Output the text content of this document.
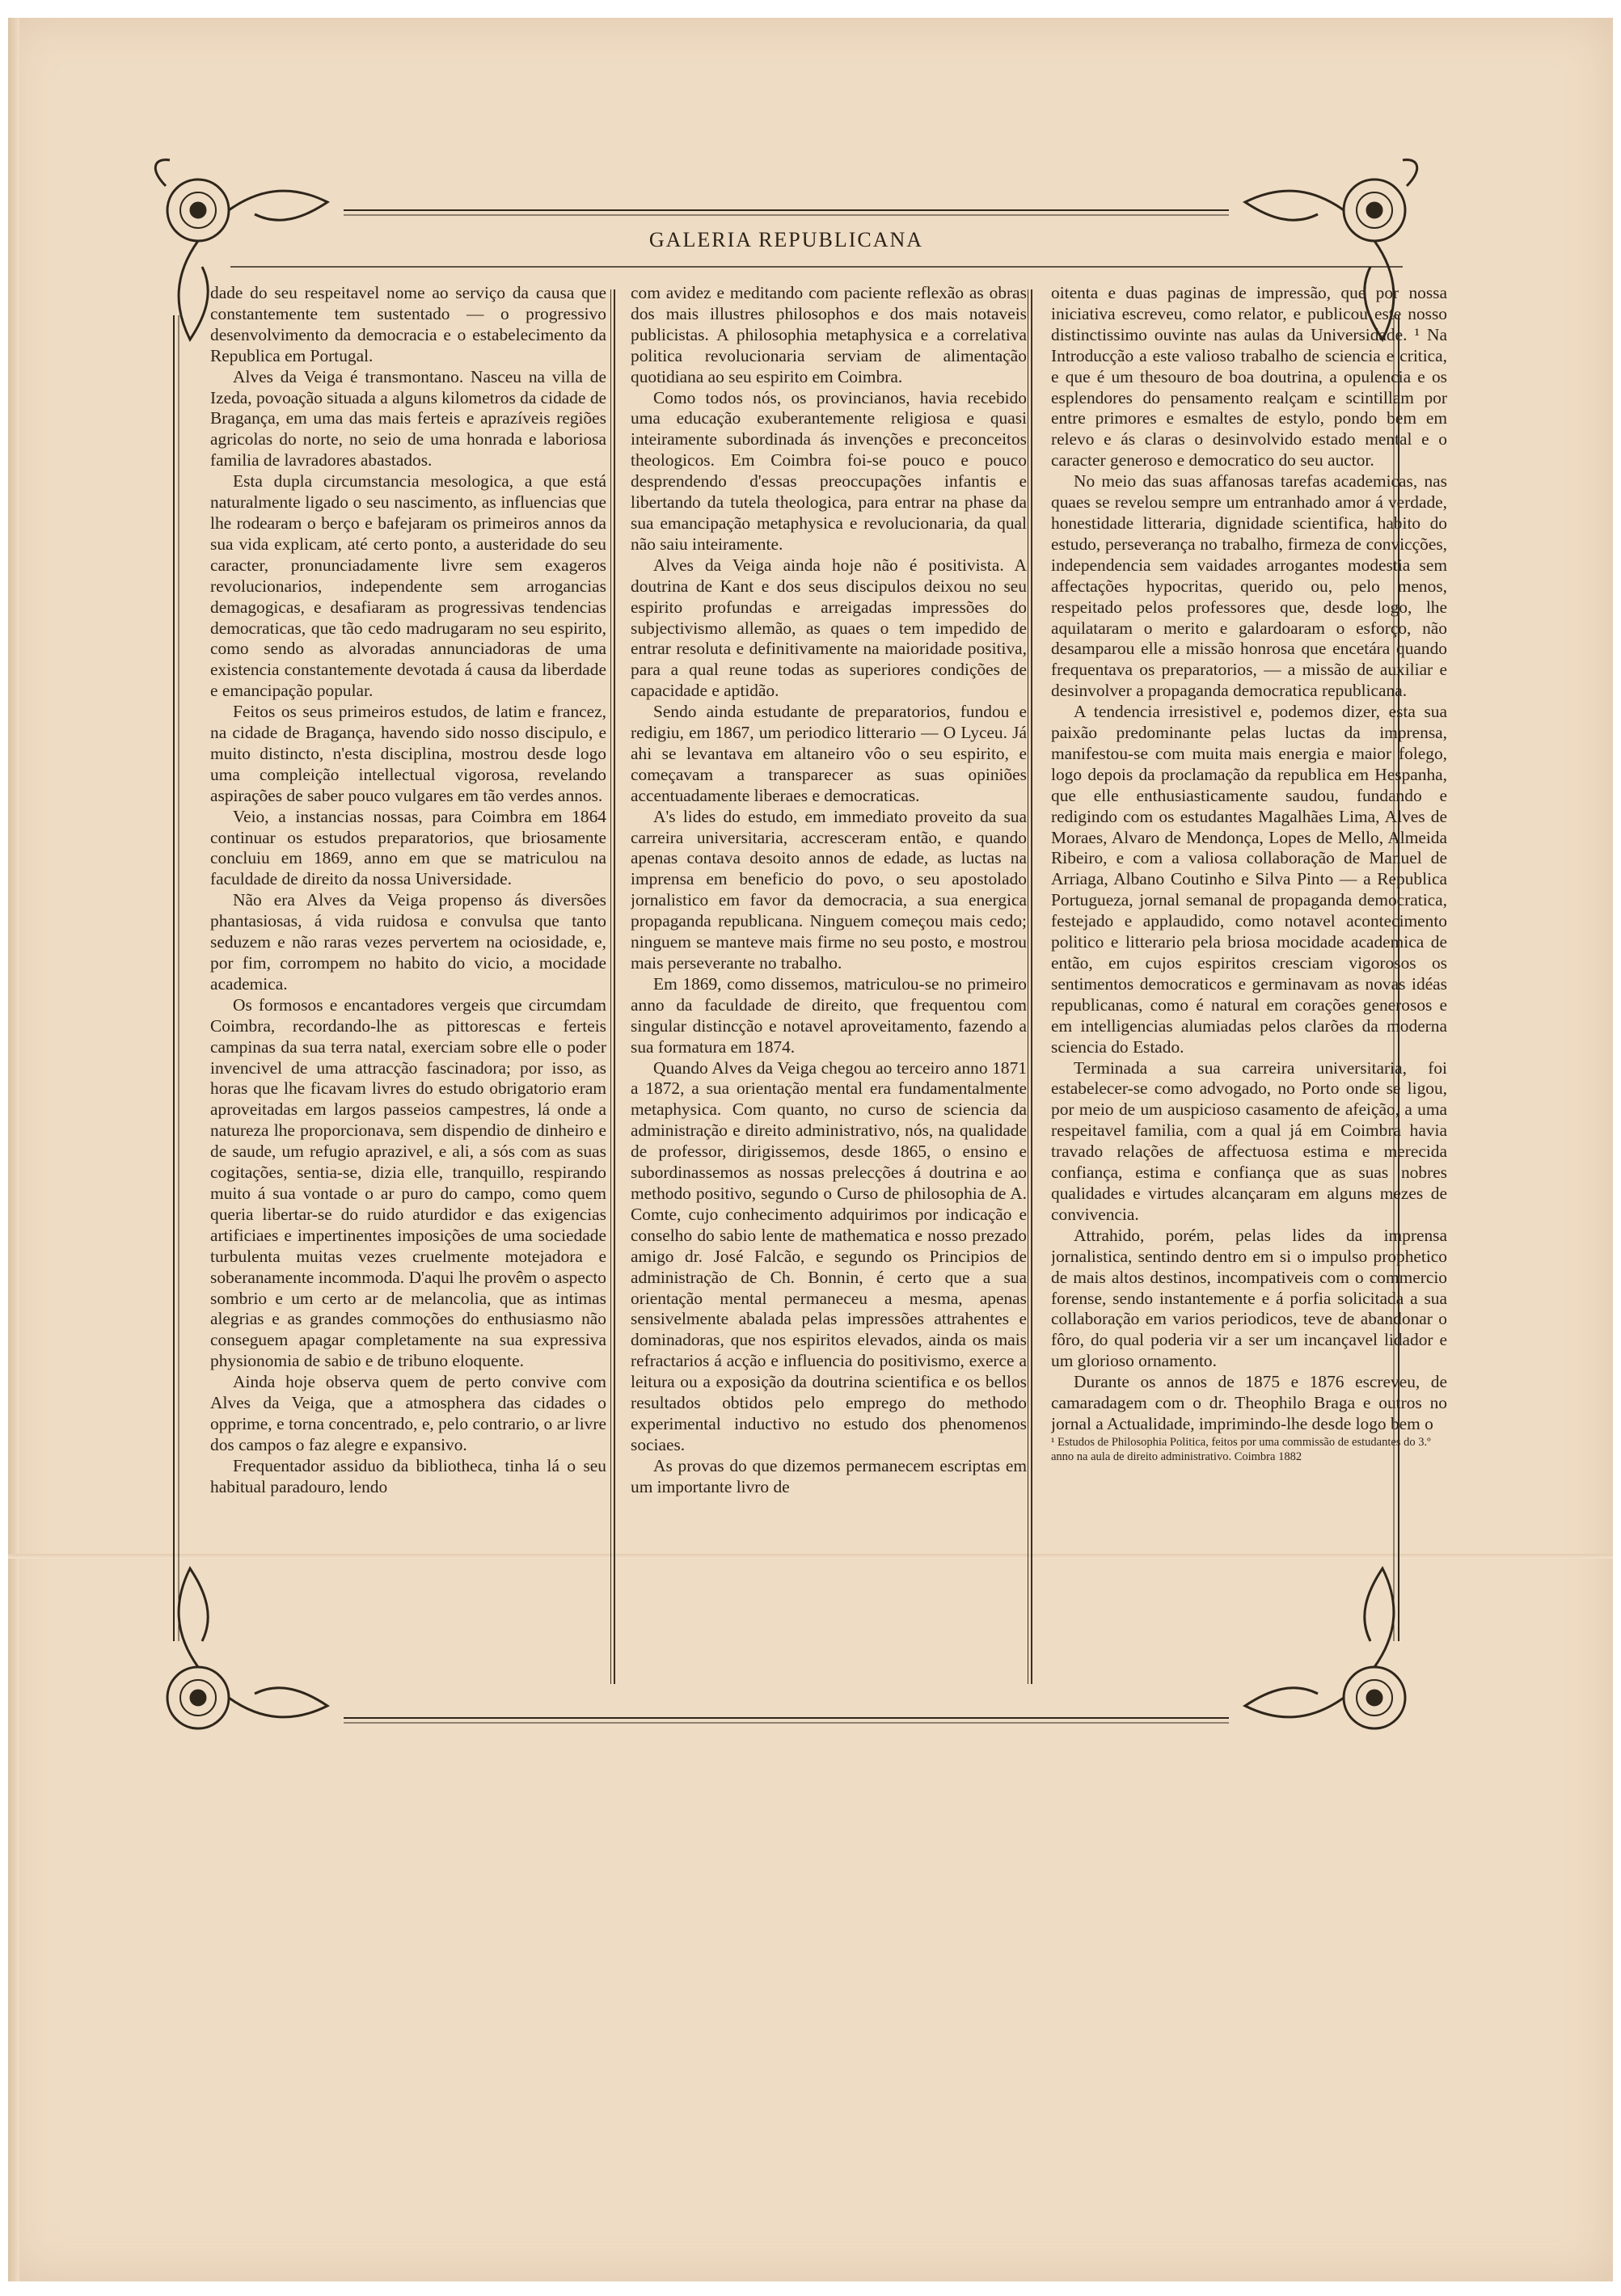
GALERIA REPUBLICANA

dade do seu respeitavel nome ao serviço da causa que constantemente tem sustentado — o progressivo desenvolvimento da democracia e o estabelecimento da Republica em Portugal.

Alves da Veiga é transmontano. Nasceu na villa de Izeda, povoação situada a alguns kilometros da cidade de Bragança, em uma das mais ferteis e aprazíveis regiões agricolas do norte, no seio de uma honrada e laboriosa familia de lavradores abastados.

Esta dupla circumstancia mesologica, a que está naturalmente ligado o seu nascimento, as influencias que lhe rodearam o berço e bafejaram os primeiros annos da sua vida explicam, até certo ponto, a austeridade do seu caracter, pronunciadamente livre sem exageros revolucionarios, independente sem arrogancias demagogicas, e desafiaram as progressivas tendencias democraticas, que tão cedo madrugaram no seu espirito, como sendo as alvoradas annunciadoras de uma existencia constantemente devotada á causa da liberdade e emancipação popular.

Feitos os seus primeiros estudos, de latim e francez, na cidade de Bragança, havendo sido nosso discipulo, e muito distincto, n'esta disciplina, mostrou desde logo uma compleição intellectual vigorosa, revelando aspirações de saber pouco vulgares em tão verdes annos.

Veio, a instancias nossas, para Coimbra em 1864 continuar os estudos preparatorios, que briosamente concluiu em 1869, anno em que se matriculou na faculdade de direito da nossa Universidade.

Não era Alves da Veiga propenso ás diversões phantasiosas, á vida ruidosa e convulsa que tanto seduzem e não raras vezes pervertem na ociosidade, e, por fim, corrompem no habito do vicio, a mocidade academica.

Os formosos e encantadores vergeis que circumdam Coimbra, recordando-lhe as pittorescas e ferteis campinas da sua terra natal, exerciam sobre elle o poder invencivel de uma attracção fascinadora; por isso, as horas que lhe ficavam livres do estudo obrigatorio eram aproveitadas em largos passeios campestres, lá onde a natureza lhe proporcionava, sem dispendio de dinheiro e de saude, um refugio aprazivel, e ali, a sós com as suas cogitações, sentia-se, dizia elle, tranquillo, respirando muito á sua vontade o ar puro do campo, como quem queria libertar-se do ruido aturdidor e das exigencias artificiaes e impertinentes imposições de uma sociedade turbulenta muitas vezes cruelmente motejadora e soberanamente incommoda. D'aqui lhe provêm o aspecto sombrio e um certo ar de melancolia, que as intimas alegrias e as grandes commoções do enthusiasmo não conseguem apagar completamente na sua expressiva physionomia de sabio e de tribuno eloquente.

Ainda hoje observa quem de perto convive com Alves da Veiga, que a atmosphera das cidades o opprime, e torna concentrado, e, pelo contrario, o ar livre dos campos o faz alegre e expansivo.

Frequentador assiduo da bibliotheca, tinha lá o seu habitual paradouro, lendo

com avidez e meditando com paciente reflexão as obras dos mais illustres philosophos e dos mais notaveis publicistas. A philosophia metaphysica e a correlativa politica revolucionaria serviam de alimentação quotidiana ao seu espirito em Coimbra.

Como todos nós, os provincianos, havia recebido uma educação exuberantemente religiosa e quasi inteiramente subordinada ás invenções e preconceitos theologicos. Em Coimbra foi-se pouco e pouco desprendendo d'essas preoccupações infantis e libertando da tutela theologica, para entrar na phase da sua emancipação metaphysica e revolucionaria, da qual não saiu inteiramente.

Alves da Veiga ainda hoje não é positivista. A doutrina de Kant e dos seus discipulos deixou no seu espirito profundas e arreigadas impressões do subjectivismo allemão, as quaes o tem impedido de entrar resoluta e definitivamente na maioridade positiva, para a qual reune todas as superiores condições de capacidade e aptidão.

Sendo ainda estudante de preparatorios, fundou e redigiu, em 1867, um periodico litterario — O Lyceu. Já ahi se levantava em altaneiro vôo o seu espirito, e começavam a transparecer as suas opiniões accentuadamente liberaes e democraticas.

A's lides do estudo, em immediato proveito da sua carreira universitaria, accresceram então, e quando apenas contava desoito annos de edade, as luctas na imprensa em beneficio do povo, o seu apostolado jornalistico em favor da democracia, a sua energica propaganda republicana. Ninguem começou mais cedo; ninguem se manteve mais firme no seu posto, e mostrou mais perseverante no trabalho.

Em 1869, como dissemos, matriculou-se no primeiro anno da faculdade de direito, que frequentou com singular distincção e notavel aproveitamento, fazendo a sua formatura em 1874.

Quando Alves da Veiga chegou ao terceiro anno 1871 a 1872, a sua orientação mental era fundamentalmente metaphysica. Com quanto, no curso de sciencia da administração e direito administrativo, nós, na qualidade de professor, dirigissemos, desde 1865, o ensino e subordinassemos as nossas prelecções á doutrina e ao methodo positivo, segundo o Curso de philosophia de A. Comte, cujo conhecimento adquirimos por indicação e conselho do sabio lente de mathematica e nosso prezado amigo dr. José Falcão, e segundo os Principios de administração de Ch. Bonnin, é certo que a sua orientação mental permaneceu a mesma, apenas sensivelmente abalada pelas impressões attrahentes e dominadoras, que nos espiritos elevados, ainda os mais refractarios á acção e influencia do positivismo, exerce a leitura ou a exposição da doutrina scientifica e os bellos resultados obtidos pelo emprego do methodo experimental inductivo no estudo dos phenomenos sociaes.

As provas do que dizemos permanecem escriptas em um importante livro de

oitenta e duas paginas de impressão, que por nossa iniciativa escreveu, como relator, e publicou este nosso distinctissimo ouvinte nas aulas da Universidade. ¹ Na Introducção a este valioso trabalho de sciencia e critica, e que é um thesouro de boa doutrina, a opulencia e os esplendores do pensamento realçam e scintillam por entre primores e esmaltes de estylo, pondo bem em relevo e ás claras o desinvolvido estado mental e o caracter generoso e democratico do seu auctor.

No meio das suas affanosas tarefas academicas, nas quaes se revelou sempre um entranhado amor á verdade, honestidade litteraria, dignidade scientifica, habito do estudo, perseverança no trabalho, firmeza de convicções, independencia sem vaidades arrogantes modestia sem affectações hypocritas, querido ou, pelo menos, respeitado pelos professores que, desde logo, lhe aquilataram o merito e galardoaram o esforço, não desamparou elle a missão honrosa que encetára quando frequentava os preparatorios, — a missão de auxiliar e desinvolver a propaganda democratica republicana.

A tendencia irresistivel e, podemos dizer, esta sua paixão predominante pelas luctas da imprensa, manifestou-se com muita mais energia e maior folego, logo depois da proclamação da republica em Hespanha, que elle enthusiasticamente saudou, fundando e redigindo com os estudantes Magalhães Lima, Alves de Moraes, Alvaro de Mendonça, Lopes de Mello, Almeida Ribeiro, e com a valiosa collaboração de Manuel de Arriaga, Albano Coutinho e Silva Pinto — a Republica Portugueza, jornal semanal de propaganda democratica, festejado e applaudido, como notavel acontecimento politico e litterario pela briosa mocidade academica de então, em cujos espiritos cresciam vigorosos os sentimentos democraticos e germinavam as novas idéas republicanas, como é natural em corações generosos e em intelligencias alumiadas pelos clarões da moderna sciencia do Estado.

Terminada a sua carreira universitaria, foi estabelecer-se como advogado, no Porto onde se ligou, por meio de um auspicioso casamento de afeição, a uma respeitavel familia, com a qual já em Coimbra havia travado relações de affectuosa estima e merecida confiança, estima e confiança que as suas nobres qualidades e virtudes alcançaram em alguns mezes de convivencia.

Attrahido, porém, pelas lides da imprensa jornalistica, sentindo dentro em si o impulso prophetico de mais altos destinos, incompativeis com o commercio forense, sendo instantemente e á porfia solicitada a sua collaboração em varios periodicos, teve de abandonar o fôro, do qual poderia vir a ser um incançavel lidador e um glorioso ornamento.

Durante os annos de 1875 e 1876 escreveu, de camaradagem com o dr. Theophilo Braga e outros no jornal a Actualidade, imprimindo-lhe desde logo bem o

¹ Estudos de Philosophia Politica, feitos por uma commissão de estudantes do 3.º anno na aula de direito administrativo. Coimbra 1882
